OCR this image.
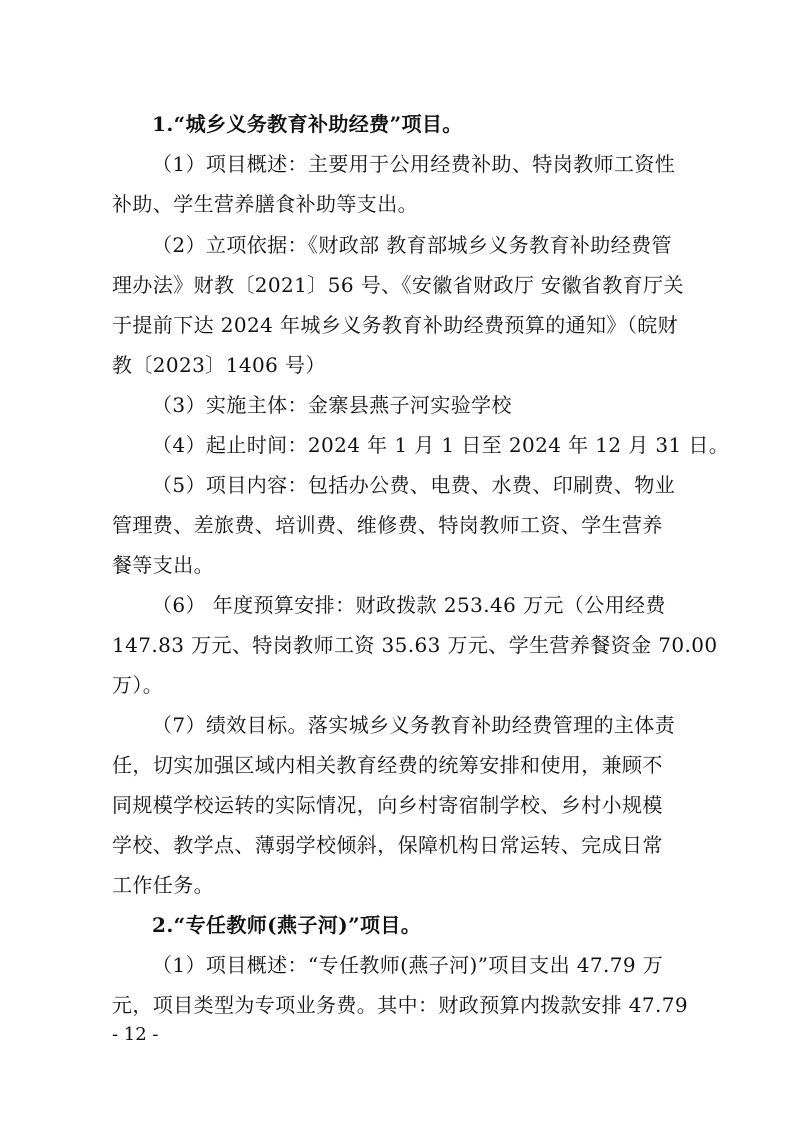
1.“城乡义务教育补助经费”项目。
（1）项目概述：主要用于公用经费补助、特岗教师工资性
补助、学生营养膳食补助等支出。
（2）立项依据：《财政部 教育部城乡义务教育补助经费管
理办法》财教〔2021〕56 号、《安徽省财政厅 安徽省教育厅关
于提前下达 2024 年城乡义务教育补助经费预算的通知》（皖财
教〔2023〕1406 号）
（3）实施主体：金寨县燕子河实验学校
（4）起止时间：2024 年 1 月 1 日至 2024 年 12 月 31 日。
（5）项目内容：包括办公费、电费、水费、印刷费、物业
管理费、差旅费、培训费、维修费、特岗教师工资、学生营养
餐等支出。
（6） 年度预算安排：财政拨款 253.46 万元（公用经费
147.83 万元、特岗教师工资 35.63 万元、学生营养餐资金 70.00
万）。
（7）绩效目标。落实城乡义务教育补助经费管理的主体责
任，切实加强区域内相关教育经费的统筹安排和使用，兼顾不
同规模学校运转的实际情况，向乡村寄宿制学校、乡村小规模
学校、教学点、薄弱学校倾斜，保障机构日常运转、完成日常
工作任务。
2.“专任教师(燕子河)”项目。
（1）项目概述：“专任教师(燕子河)”项目支出 47.79 万
元，项目类型为专项业务费。其中：财政预算内拨款安排 47.79
- 12 -
